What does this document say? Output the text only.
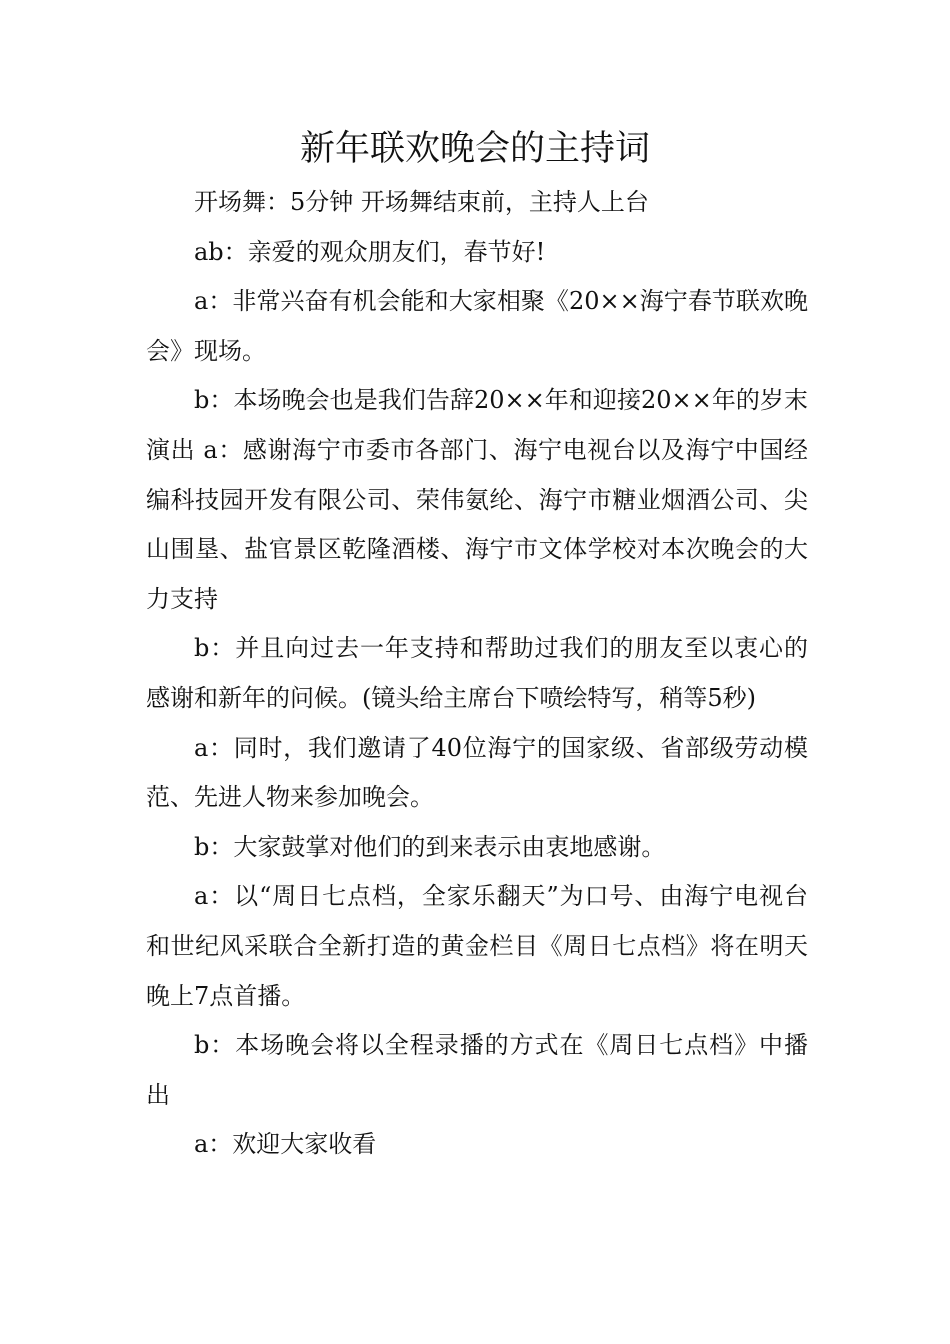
新年联欢晚会的主持词

开场舞：5分钟 开场舞结束前，主持人上台

ab：亲爱的观众朋友们，春节好!

a：非常兴奋有机会能和大家相聚《20××海宁春节联欢晚会》现场。

b：本场晚会也是我们告辞20××年和迎接20××年的岁末演出 a：感谢海宁市委市各部门、海宁电视台以及海宁中国经编科技园开发有限公司、荣伟氨纶、海宁市糖业烟酒公司、尖山围垦、盐官景区乾隆酒楼、海宁市文体学校对本次晚会的大力支持

b：并且向过去一年支持和帮助过我们的朋友至以衷心的感谢和新年的问候。(镜头给主席台下喷绘特写，稍等5秒)

a：同时，我们邀请了40位海宁的国家级、省部级劳动模范、先进人物来参加晚会。

b：大家鼓掌对他们的到来表示由衷地感谢。

a：以“周日七点档，全家乐翻天”为口号、由海宁电视台和世纪风采联合全新打造的黄金栏目《周日七点档》将在明天晚上7点首播。

b：本场晚会将以全程录播的方式在《周日七点档》中播出

a：欢迎大家收看
